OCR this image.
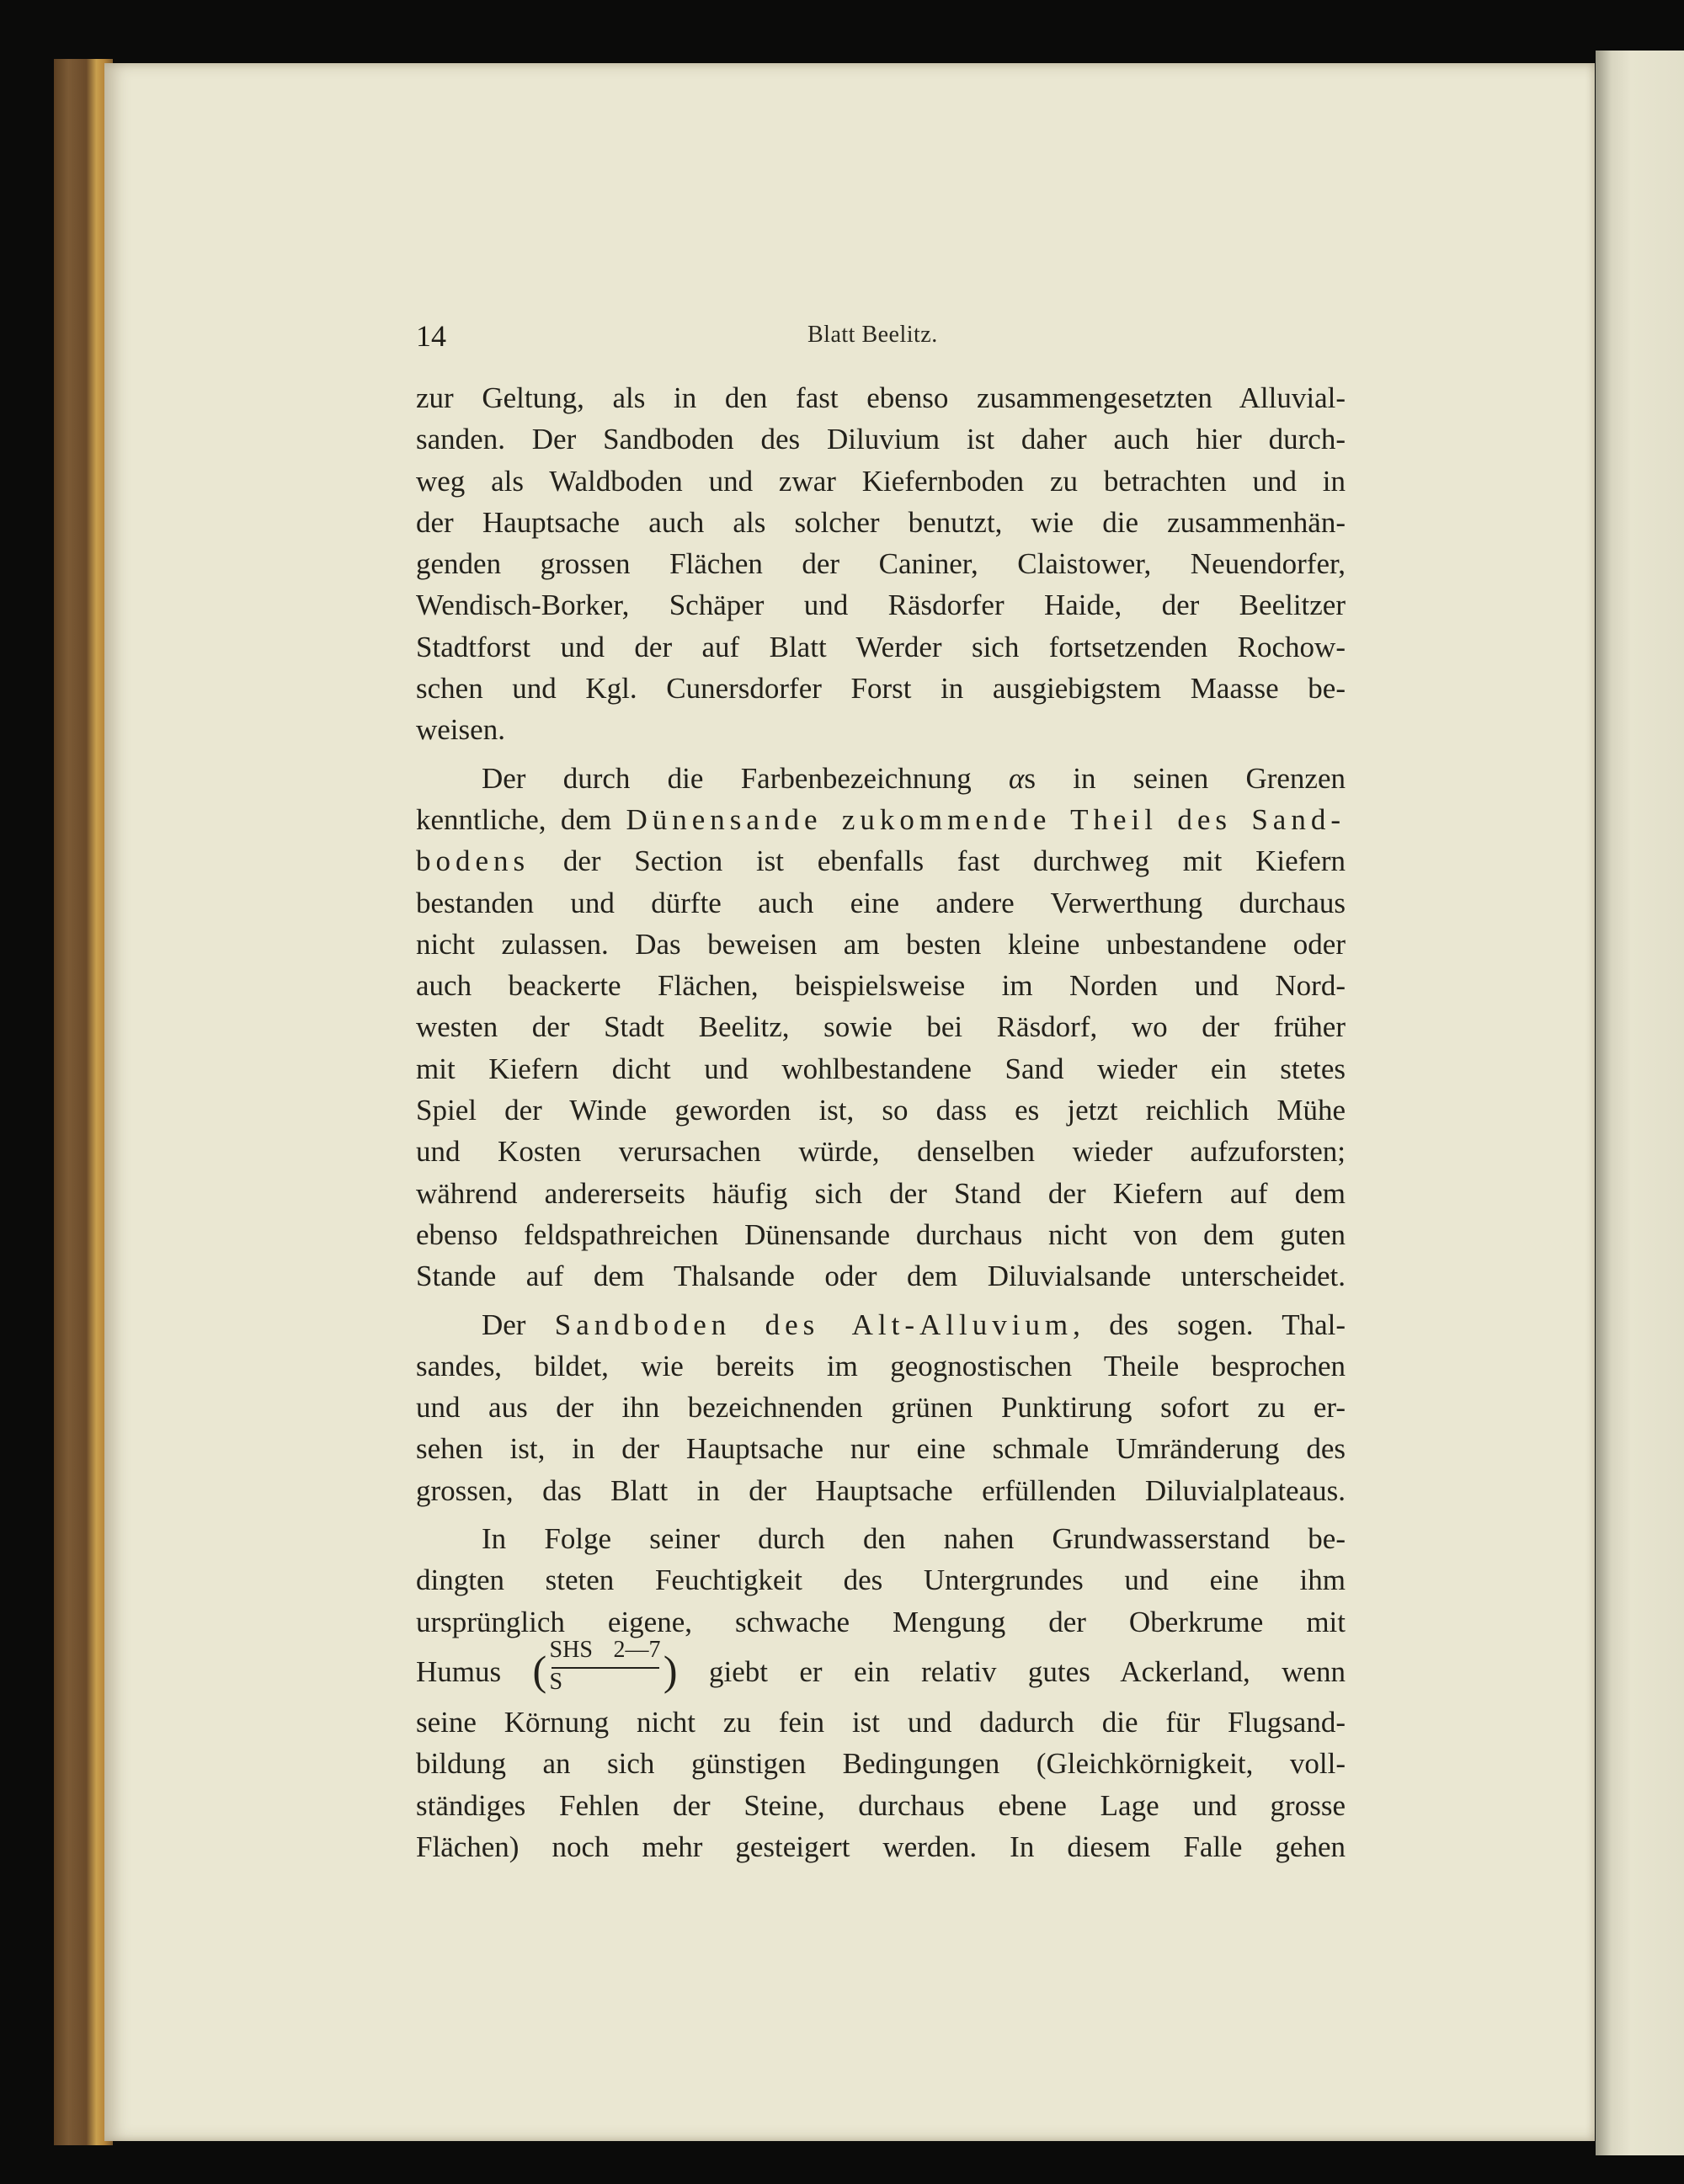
14	Blatt Beelitz.
zur Geltung, als in den fast ebenso zusammengesetzten Alluvial-
sanden. Der Sandboden des Diluvium ist daher auch hier durch-
weg als Waldboden und zwar Kiefernboden zu betrachten und in
der Hauptsache auch als solcher benutzt, wie die zusammenhän-
genden grossen Flächen der Caniner, Claistower, Neuendorfer,
Wendisch-Borker, Schäper und Räsdorfer Haide, der Beelitzer
Stadtforst und der auf Blatt Werder sich fortsetzenden Rochow-
schen und Kgl. Cunersdorfer Forst in ausgiebigstem Maasse be-
weisen.
Der durch die Farbenbezeichnung αs in seinen Grenzen
kenntliche, dem Dünensande zukommende Theil des Sand-
bodens der Section ist ebenfalls fast durchweg mit Kiefern
bestanden und dürfte auch eine andere Verwerthung durchaus
nicht zulassen. Das beweisen am besten kleine unbestandene oder
auch beackerte Flächen, beispielsweise im Norden und Nord-
westen der Stadt Beelitz, sowie bei Räsdorf, wo der früher
mit Kiefern dicht und wohlbestandene Sand wieder ein stetes
Spiel der Winde geworden ist, so dass es jetzt reichlich Mühe
und Kosten verursachen würde, denselben wieder aufzuforsten;
während andererseits häufig sich der Stand der Kiefern auf dem
ebenso feldspathreichen Dünensande durchaus nicht von dem guten
Stande auf dem Thalsande oder dem Diluvialsande unterscheidet.
Der Sandboden des Alt-Alluvium, des sogen. Thal-
sandes, bildet, wie bereits im geognostischen Theile besprochen
und aus der ihn bezeichnenden grünen Punktirung sofort zu er-
sehen ist, in der Hauptsache nur eine schmale Umränderung des
grossen, das Blatt in der Hauptsache erfüllenden Diluvialplateaus.
In Folge seiner durch den nahen Grundwasserstand be-
dingten steten Feuchtigkeit des Untergrundes und eine ihm
ursprünglich eigene, schwache Mengung der Oberkrume mit
Humus ( SHS 2—7
S	) giebt er ein relativ gutes Ackerland, wenn
seine Körnung nicht zu fein ist und dadurch die für Flugsand-
bildung an sich günstigen Bedingungen (Gleichkörnigkeit, voll-
ständiges Fehlen der Steine, durchaus ebene Lage und grosse
Flächen) noch mehr gesteigert werden. In diesem Falle gehen
